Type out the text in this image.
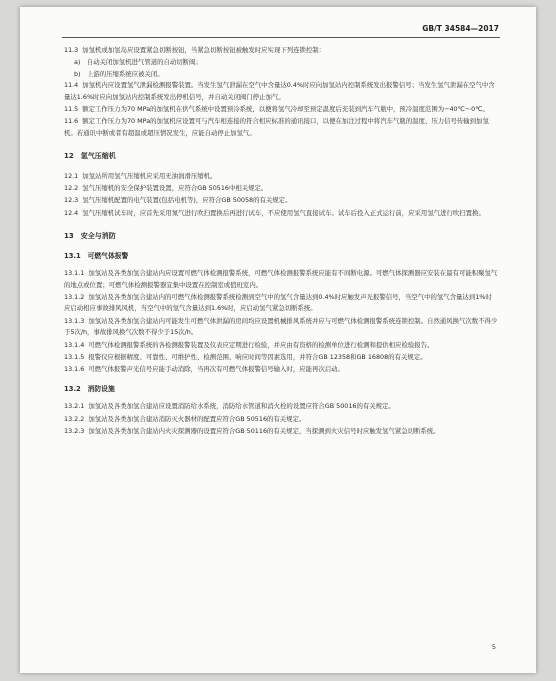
GB/T 34584—2017
11.3 加氢机或加氢岛应设置紧急切断按钮，当紧急切断按钮被触发时应实现下列连锁控制：
a)　自动关闭加氢机进气管道的自动切断阀；
b)　上游的压缩系统应被关闭。
11.4 加氢机内应设置氢气泄漏检测报警装置。当发生氢气泄漏在空气中含量达0.4%时应向加氢站内控制系统发出报警信号；当发生氢气泄漏在空气中含量达1.6%时应向加氢站内控制系统发出停机信号，并自动关闭阀门停止加气。
11.5 额定工作压力为70 MPa的加氢机在供气系统中设置预冷系统，以便将氢气冷却至预定温度后充装到汽车气瓶中，预冷温度范围为−40℃～0℃。
11.6 额定工作压力为70 MPa的加氢机应设置可与汽车相连接的符合相应标准的通讯接口，以便在加注过程中将汽车气瓶的温度、压力信号传输到加氢机。若通讯中断或者有超温或超压情况发生，应能自动停止加氢气。
12　氢气压缩机
12.1 加氢站所用氢气压缩机应采用无油润滑压缩机。
12.2 氢气压缩机的安全保护装置设置，应符合GB 50516中相关规定。
12.3 氢气压缩机配置的电气装置(包括电机等)，应符合GB 50058的有关规定。
12.4 氢气压缩机试车时，应首先采用氮气进行吹扫置换后再进行试车，不应使用氢气直接试车。试车后投入正式运行前，应采用氢气进行吹扫置换。
13　安全与消防
13.1　可燃气体报警
13.1.1 加氢站及各类加氢合建站内应设置可燃气体检测报警系统，可燃气体检测报警系统应能有不间断电源。可燃气体探测器应安装在最有可能积聚氢气的地点或位置；可燃气体检测报警器宜集中设置在控制室或值班室内。
13.1.2 加氢站及各类加氢合建站内的可燃气体检测报警系统检测到空气中的氢气含量达到0.4%时应触发声光报警信号，当空气中的氢气含量达到1%时应启动相应事故排风风机，当空气中的氢气含量达到1.6%时，应启动氢气紧急切断系统。
13.1.3 加氢站及各类加氢合建站内可能发生可燃气体泄漏的房间均应设置机械排风系统并应与可燃气体检测报警系统连锁控制。自然通风换气次数不得少于5次/h，事故排风换气次数不得少于15次/h。
13.1.4 可燃气体检测报警系统的各检测报警装置及仪表应定期进行检验，并应由有资格的检测单位进行检测和提供相应检验报告。
13.1.5 报警仪应根据精度、可靠性、可维护性、检测范围、响应时间等因素选用，并符合GB 12358和GB 16808的有关规定。
13.1.6 可燃气体报警声光信号应能手动消除，当再次有可燃气体报警信号输入时，应能再次启动。
13.2　消防设施
13.2.1 加氢站及各类加氢合建站应设置消防给水系统，消防给水管道和消火栓的设置应符合GB 50016的有关规定。
13.2.2 加氢站及各类加氢合建站消防灭火器材的配置应符合GB 50516的有关规定。
13.2.3 加氢站及各类加氢合建站内火灾探测器的设置应符合GB 50116的有关规定，当探测到火灾信号时应触发氢气紧急切断系统。
5
